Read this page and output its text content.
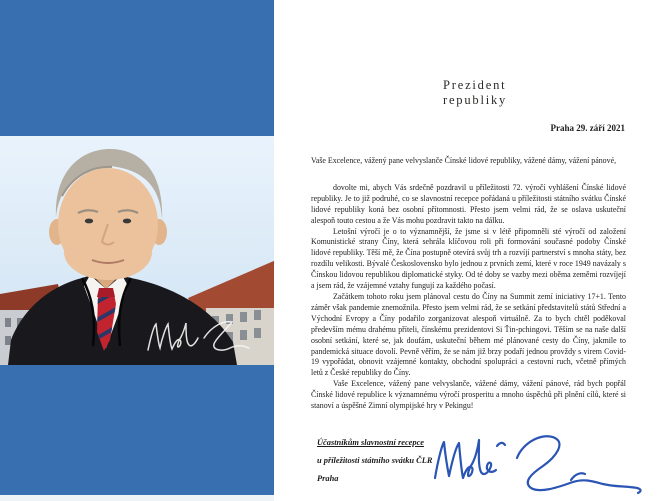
Prezident
republiky
Praha 29. září 2021

Vaše Excelence, vážený pane velvyslanče Čínské lidové republiky, vážené dámy, vážení pánové,

dovolte mi, abych Vás srdečně pozdravil u příležitosti 72. výročí vyhlášení Čínské lidové republiky. Je to již podruhé, co se slavnostní recepce pořádaná u příležitosti státního svátku Čínské lidové republiky koná bez osobní přítomnosti. Přesto jsem velmi rád, že se oslava uskuteční alespoň touto cestou a že Vás mohu pozdravit takto na dálku.

Letošní výročí je o to významnější, že jsme si v létě připomněli sté výročí od založení Komunistické strany Číny, která sehrála klíčovou roli při formování současné podoby Čínské lidové republiky. Těší mě, že Čína postupně otevírá svůj trh a rozvíjí partnerství s mnoha státy, bez rozdílu velikosti. Bývalé Československo bylo jednou z prvních zemí, které v roce 1949 navázaly s Čínskou lidovou republikou diplomatické styky. Od té doby se vazby mezi oběma zeměmi rozvíjejí a jsem rád, že vzájemné vztahy fungují za každého počasí.

Začátkem tohoto roku jsem plánoval cestu do Číny na Summit zemí iniciativy 17+1. Tento záměr však pandemie znemožnila. Přesto jsem velmi rád, že se setkání představitelů států Střední a Východní Evropy a Číny podařilo zorganizovat alespoň virtuálně. Za to bych chtěl poděkoval především mému drahému příteli, čínskému prezidentovi Si Ťin-pchingovi. Těším se na naše další osobní setkání, které se, jak doufám, uskuteční během mé plánované cesty do Číny, jakmile to pandemická situace dovolí. Pevně věřím, že se nám již brzy podaří jednou provždy s virem Covid-19 vypořádat, obnovit vzájemné kontakty, obchodní spolupráci a cestovní ruch, včetně přímých letů z České republiky do Číny.

Vaše Excelence, vážený pane velvyslanče, vážené dámy, vážení pánové, rád bych popřál Čínské lidové republice k významnému výročí prosperitu a mnoho úspěchů při plnění cílů, které si stanoví a úspěšné Zimní olympijské hry v Pekingu!

Účastníkům slavnostní recepce
u příležitosti státního svátku ČLR
Praha
